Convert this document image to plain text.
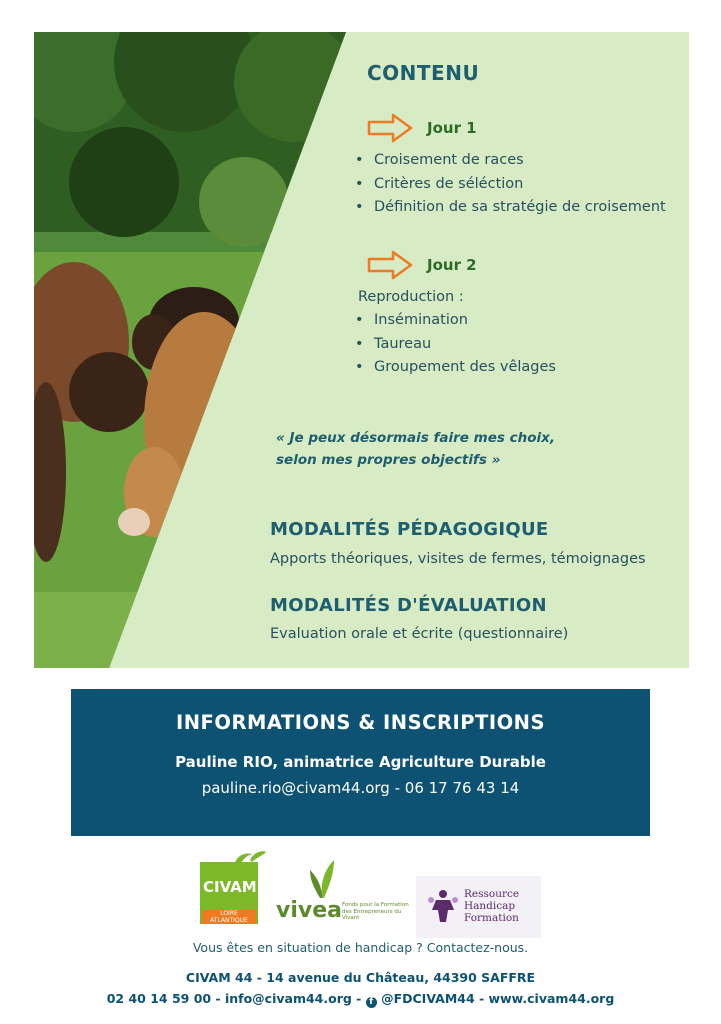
CONTENU
Jour 1
• Croisement de races
• Critères de séléction
• Définition de sa stratégie de croisement
Jour 2
Reproduction :
• Insémination
• Taureau
• Groupement des vêlages
« Je peux désormais faire mes choix,
selon mes propres objectifs »
MODALITÉS PÉDAGOGIQUE
Apports théoriques, visites de fermes, témoignages
MODALITÉS D'ÉVALUATION
Evaluation orale et écrite (questionnaire)
INFORMATIONS & INSCRIPTIONS
Pauline RIO, animatrice Agriculture Durable
pauline.rio@civam44.org - 06 17 76 43 14
CIVAM
LOIRE ATLANTIQUE	vivea Fonds pour la Formation des Entrepreneurs du Vivant
Ressource
Handicap
Formation
Vous êtes en situation de handicap ? Contactez-nous.
CIVAM 44 - 14 avenue du Château, 44390 SAFFRE
02 40 14 59 00 - info@civam44.org - f @FDCIVAM44 - www.civam44.org
